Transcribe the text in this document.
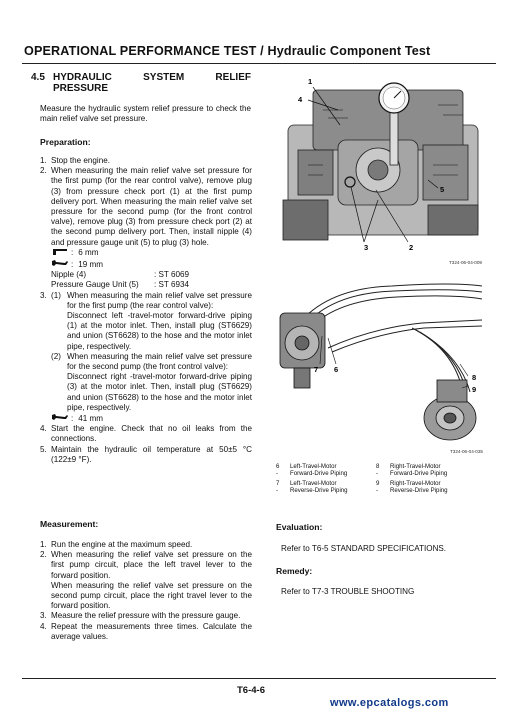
OPERATIONAL PERFORMANCE TEST / Hydraulic Component Test
4.5 HYDRAULIC SYSTEM RELIEF
PRESSURE

Measure the hydraulic system relief pressure to check the main relief valve set pressure.

Preparation:
1. Stop the engine.
2. When measuring the main relief valve set pressure for the first pump (for the rear control valve), remove plug (3) from pressure check port (1) at the first pump delivery port. When measuring the main relief valve set pressure for the second pump (for the front control valve), remove plug (3) from pressure check port (2) at the second pump delivery port. Then, install nipple (4) and pressure gauge unit (5) to plug (3) hole.
: 6 mm
: 19 mm
Nipple (4)	: ST 6069
Pressure Gauge Unit (5)	: ST 6934
3. (1) When measuring the main relief valve set pressure for the first pump (the rear control valve):
Disconnect left -travel-motor forward-drive piping (1) at the motor inlet. Then, install plug (ST6629) and union (ST6628) to the hose and the motor inlet pipe, respectively.
(2) When measuring the main relief valve set pressure for the second pump (the front control valve):
Disconnect right -travel-motor forward-drive piping (3) at the motor inlet. Then, install plug (ST6629) and union (ST6628) to the hose and the motor inlet pipe, respectively.
: 41 mm
4. Start the engine. Check that no oil leaks from the connections.
5. Maintain the hydraulic oil temperature at 50±5 °C (122±9 °F).
Measurement:
1. Run the engine at the maximum speed.
2. When measuring the relief valve set pressure on the first pump circuit, place the left travel lever to the forward position.
When measuring the relief valve set pressure on the second pump circuit, place the right travel lever to the forward position.
3. Measure the relief pressure with the pressure gauge.
4. Repeat the measurements three times. Calculate the average values.
1
4
5
3	2
T324-06-04-009
7 6
8
9
T324-06-04-035
6 -
Left-Travel-Motor
Forward-Drive Piping
7 -
Left-Travel-Motor
Reverse-Drive Piping
8 -
Right-Travel-Motor
Forward-Drive Piping
9 -
Right-Travel-Motor
Reverse-Drive Piping
Evaluation:
Refer to T6-5 STANDARD SPECIFICATIONS.
Remedy:
Refer to T7-3 TROUBLE SHOOTING
T6-4-6
www.epcatalogs.com
